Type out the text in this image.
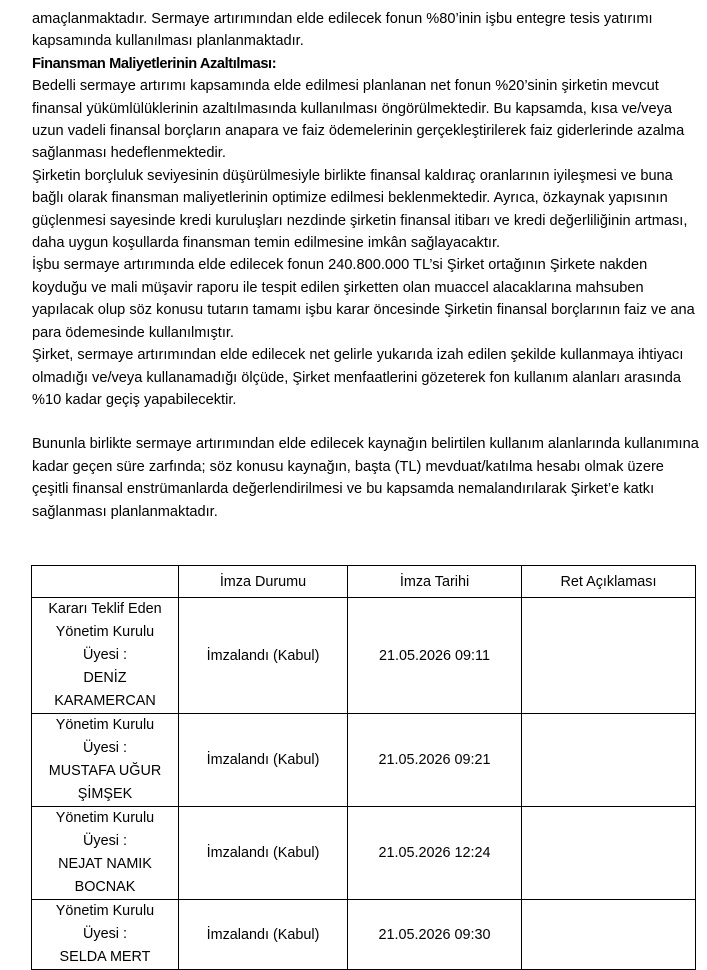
amaçlanmaktadır. Sermaye artırımından elde edilecek fonun %80’inin işbu entegre tesis yatırımı kapsamında kullanılması planlanmaktadır.

Finansman Maliyetlerinin Azaltılması:

Bedelli sermaye artırımı kapsamında elde edilmesi planlanan net fonun %20’sinin şirketin mevcut finansal yükümlülüklerinin azaltılmasında kullanılması öngörülmektedir. Bu kapsamda, kısa ve/veya uzun vadeli finansal borçların anapara ve faiz ödemelerinin gerçekleştirilerek faiz giderlerinde azalma sağlanması hedeflenmektedir.

Şirketin borçluluk seviyesinin düşürülmesiyle birlikte finansal kaldıraç oranlarının iyileşmesi ve buna bağlı olarak finansman maliyetlerinin optimize edilmesi beklenmektedir. Ayrıca, özkaynak yapısının güçlenmesi sayesinde kredi kuruluşları nezdinde şirketin finansal itibarı ve kredi değerliliğinin artması, daha uygun koşullarda finansman temin edilmesine imkân sağlayacaktır.

İşbu sermaye artırımında elde edilecek fonun 240.800.000 TL’si Şirket ortağının Şirkete nakden koyduğu ve mali müşavir raporu ile tespit edilen şirketten olan muaccel alacaklarına mahsuben yapılacak olup söz konusu tutarın tamamı işbu karar öncesinde Şirketin finansal borçlarının faiz ve ana para ödemesinde kullanılmıştır.

Şirket, sermaye artırımından elde edilecek net gelirle yukarıda izah edilen şekilde kullanmaya ihtiyacı olmadığı ve/veya kullanamadığı ölçüde, Şirket menfaatlerini gözeterek fon kullanım alanları arasında %10 kadar geçiş yapabilecektir.

Bununla birlikte sermaye artırımından elde edilecek kaynağın belirtilen kullanım alanlarında kullanımına kadar geçen süre zarfında; söz konusu kaynağın, başta (TL) mevduat/katılma hesabı olmak üzere çeşitli finansal enstrümanlarda değerlendirilmesi ve bu kapsamda nemalandırılarak Şirket’e katkı sağlanması planlanmaktadır.

	İmza Durumu	İmza Tarihi	Ret Açıklaması

Kararı Teklif Eden
Yönetim Kurulu Üyesi :
DENİZ KARAMERCAN	İmzalandı (Kabul)	21.05.2026 09:11	

Yönetim Kurulu Üyesi :
MUSTAFA UĞUR
ŞİMŞEK	İmzalandı (Kabul)	21.05.2026 09:21	

Yönetim Kurulu Üyesi :
NEJAT NAMIK
BOCNAK	İmzalandı (Kabul)	21.05.2026 12:24	

Yönetim Kurulu Üyesi :
SELDA MERT	İmzalandı (Kabul)	21.05.2026 09:30	
